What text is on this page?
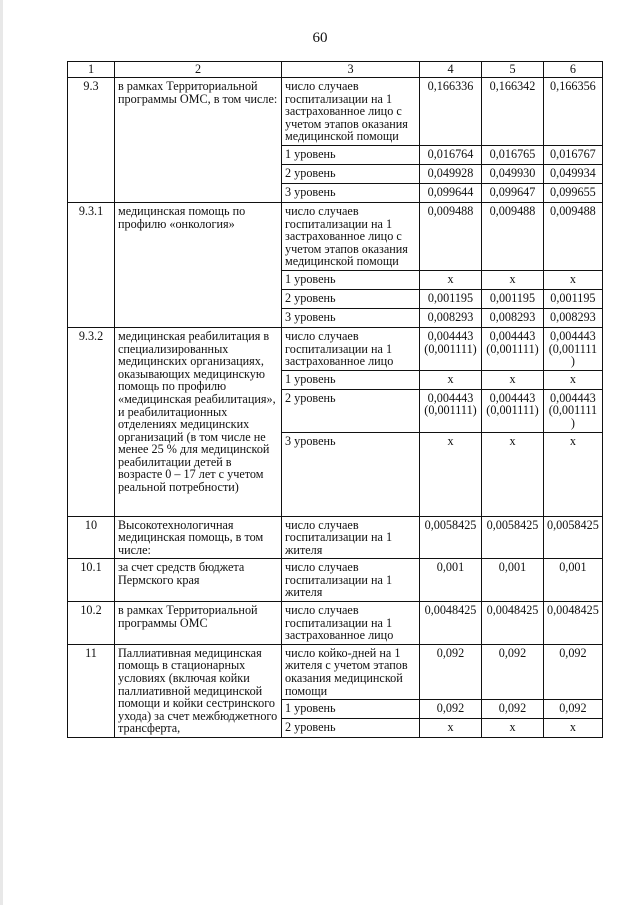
60
1	2	3	4	5	6
9.3	в рамках Территориальной программы ОМС, в том числе:	число случаев госпитализации на 1 застрахованное лицо с учетом этапов оказания медицинской помощи	0,166336	0,166342	0,166356
		1 уровень	0,016764	0,016765	0,016767
		2 уровень	0,049928	0,049930	0,049934
		3 уровень	0,099644	0,099647	0,099655
9.3.1	медицинская помощь по профилю «онкология»	число случаев госпитализации на 1 застрахованное лицо с учетом этапов оказания медицинской помощи	0,009488	0,009488	0,009488
		1 уровень	х	х	х
		2 уровень	0,001195	0,001195	0,001195
		3 уровень	0,008293	0,008293	0,008293
9.3.2	медицинская реабилитация в специализированных медицинских организациях, оказывающих медицинскую помощь по профилю «медицинская реабилитация», и реабилитационных отделениях медицинских организаций (в том числе не менее 25 % для медицинской реабилитации детей в возрасте 0 – 17 лет с учетом реальной потребности)	число случаев госпитализации на 1 застрахованное лицо	0,004443 (0,001111)	0,004443 (0,001111)	0,004443 (0,001111 )
		1 уровень	х	х	х
		2 уровень	0,004443 (0,001111)	0,004443 (0,001111)	0,004443 (0,001111 )
		3 уровень	х	х	х
10	Высокотехнологичная медицинская помощь, в том числе:	число случаев госпитализации на 1 жителя	0,0058425	0,0058425	0,0058425
10.1	за счет средств бюджета Пермского края	число случаев госпитализации на 1 жителя	0,001	0,001	0,001
10.2	в рамках Территориальной программы ОМС	число случаев госпитализации на 1 застрахованное лицо	0,0048425	0,0048425	0,0048425
11	Паллиативная медицинская помощь в стационарных условиях (включая койки паллиативной медицинской помощи и койки сестринского ухода) за счет межбюджетного трансферта,	число койко-дней на 1 жителя с учетом этапов оказания медицинской помощи	0,092	0,092	0,092
		1 уровень	0,092	0,092	0,092
		2 уровень	х	х	х
